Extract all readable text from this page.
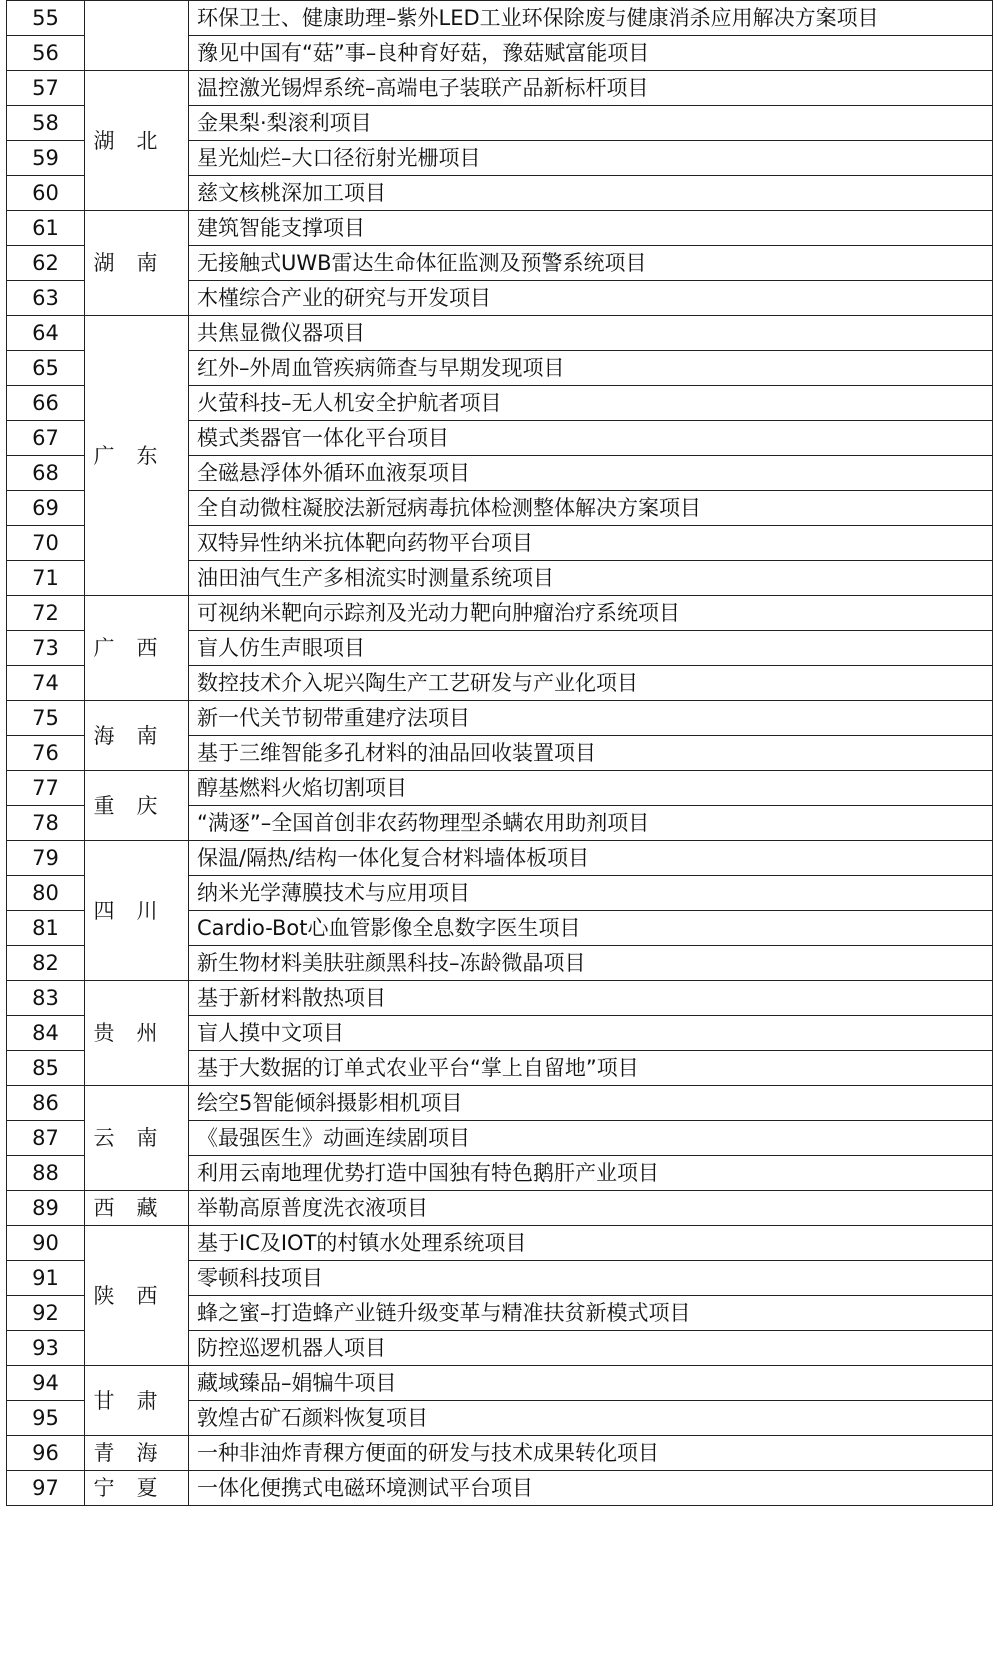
55		环保卫士、健康助理–紫外LED工业环保除废与健康消杀应用解决方案项目
56		豫见中国有“菇”事–良种育好菇，豫菇赋富能项目
57	湖北	温控激光锡焊系统–高端电子装联产品新标杆项目
58		金果梨·梨滚利项目
59		星光灿烂–大口径衍射光栅项目
60		慈文核桃深加工项目
61	湖南	建筑智能支撑项目
62		无接触式UWB雷达生命体征监测及预警系统项目
63		木槿综合产业的研究与开发项目
64	广东	共焦显微仪器项目
65		红外–外周血管疾病筛查与早期发现项目
66		火萤科技–无人机安全护航者项目
67		模式类器官一体化平台项目
68		全磁悬浮体外循环血液泵项目
69		全自动微柱凝胶法新冠病毒抗体检测整体解决方案项目
70		双特异性纳米抗体靶向药物平台项目
71		油田油气生产多相流实时测量系统项目
72	广西	可视纳米靶向示踪剂及光动力靶向肿瘤治疗系统项目
73		盲人仿生声眼项目
74		数控技术介入坭兴陶生产工艺研发与产业化项目
75	海南	新一代关节韧带重建疗法项目
76		基于三维智能多孔材料的油品回收装置项目
77	重庆	醇基燃料火焰切割项目
78		“满逐”–全国首创非农药物理型杀螨农用助剂项目
79	四川	保温/隔热/结构一体化复合材料墙体板项目
80		纳米光学薄膜技术与应用项目
81		Cardio-Bot心血管影像全息数字医生项目
82		新生物材料美肤驻颜黑科技–冻龄微晶项目
83	贵州	基于新材料散热项目
84		盲人摸中文项目
85		基于大数据的订单式农业平台“掌上自留地”项目
86	云南	绘空5智能倾斜摄影相机项目
87		《最强医生》动画连续剧项目
88		利用云南地理优势打造中国独有特色鹅肝产业项目
89	西藏	举勒高原普度洗衣液项目
90	陕西	基于IC及IOT的村镇水处理系统项目
91		零顿科技项目
92		蜂之蜜–打造蜂产业链升级变革与精准扶贫新模式项目
93		防控巡逻机器人项目
94	甘肃	藏域臻品–娟犏牛项目
95		敦煌古矿石颜料恢复项目
96	青海	一种非油炸青稞方便面的研发与技术成果转化项目
97	宁夏	一体化便携式电磁环境测试平台项目
